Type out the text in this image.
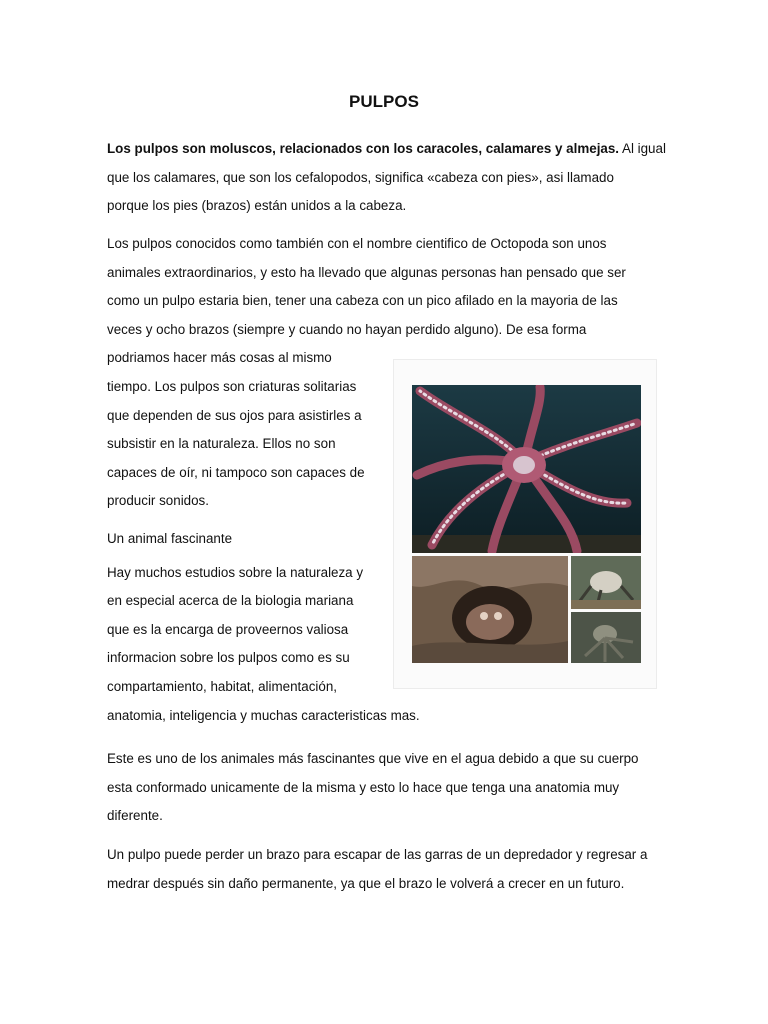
PULPOS

Los pulpos son moluscos, relacionados con los caracoles, calamares y almejas. Al igual
que los calamares, que son los cefalopodos, significa «cabeza con pies», asi llamado
porque los pies (brazos) están unidos a la cabeza.

Los pulpos conocidos como también con el nombre cientifico de Octopoda son unos
animales extraordinarios, y esto ha llevado que algunas personas han pensado que ser
como un pulpo estaria bien, tener una cabeza con un pico afilado en la mayoria de las
veces y ocho brazos (siempre y cuando no hayan perdido alguno). De esa forma
podriamos hacer más cosas al mismo
tiempo. Los pulpos son criaturas solitarias
que dependen de sus ojos para asistirles a
subsistir en la naturaleza. Ellos no son
capaces de oír, ni tampoco son capaces de
producir sonidos.

Un animal fascinante
Hay muchos estudios sobre la naturaleza y
en especial acerca de la biologia mariana
que es la encarga de proveernos valiosa
informacion sobre los pulpos como es su
compartamiento, habitat, alimentación,
anatomia, inteligencia y muchas caracteristicas mas.

Este es uno de los animales más fascinantes que vive en el agua debido a que su cuerpo
esta conformado unicamente de la misma y esto lo hace que tenga una anatomia muy
diferente.

Un pulpo puede perder un brazo para escapar de las garras de un depredador y regresar a
medrar después sin daño permanente, ya que el brazo le volverá a crecer en un futuro.
